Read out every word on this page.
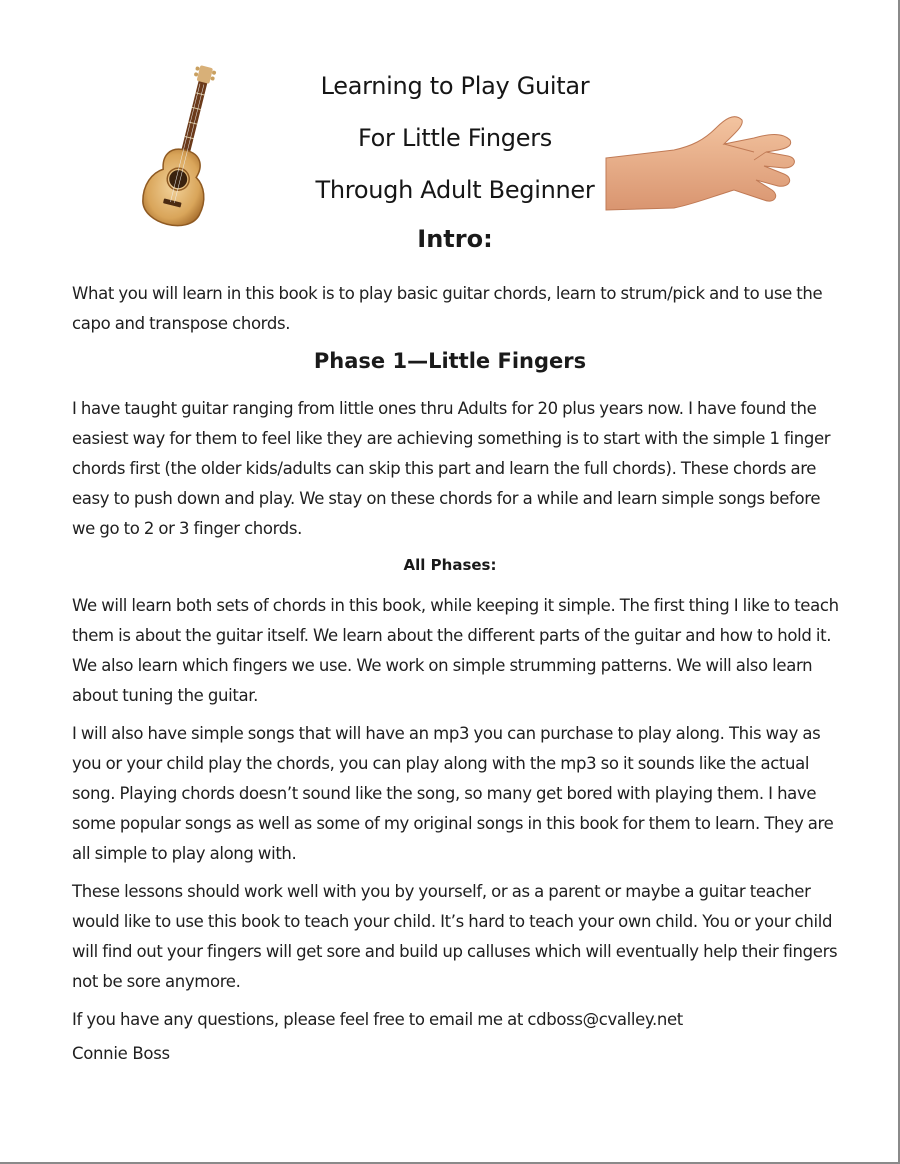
Learning to Play Guitar
For Little Fingers
Through Adult Beginner
Intro:

What you will learn in this book is to play basic guitar chords, learn to strum/pick and to use the capo and transpose chords.

Phase 1—Little Fingers

I have taught guitar ranging from little ones thru Adults for 20 plus years now. I have found the easiest way for them to feel like they are achieving something is to start with the simple 1 finger chords first (the older kids/adults can skip this part and learn the full chords). These chords are easy to push down and play. We stay on these chords for a while and learn simple songs before we go to 2 or 3 finger chords.

All Phases:

We will learn both sets of chords in this book, while keeping it simple. The first thing I like to teach them is about the guitar itself. We learn about the different parts of the guitar and how to hold it. We also learn which fingers we use. We work on simple strumming patterns. We will also learn about tuning the guitar.

I will also have simple songs that will have an mp3 you can purchase to play along. This way as you or your child play the chords, you can play along with the mp3 so it sounds like the actual song. Playing chords doesn’t sound like the song, so many get bored with playing them. I have some popular songs as well as some of my original songs in this book for them to learn. They are all simple to play along with.

These lessons should work well with you by yourself, or as a parent or maybe a guitar teacher would like to use this book to teach your child. It’s hard to teach your own child. You or your child will find out your fingers will get sore and build up calluses which will eventually help their fingers not be sore anymore.

If you have any questions, please feel free to email me at cdboss@cvalley.net

Connie Boss
